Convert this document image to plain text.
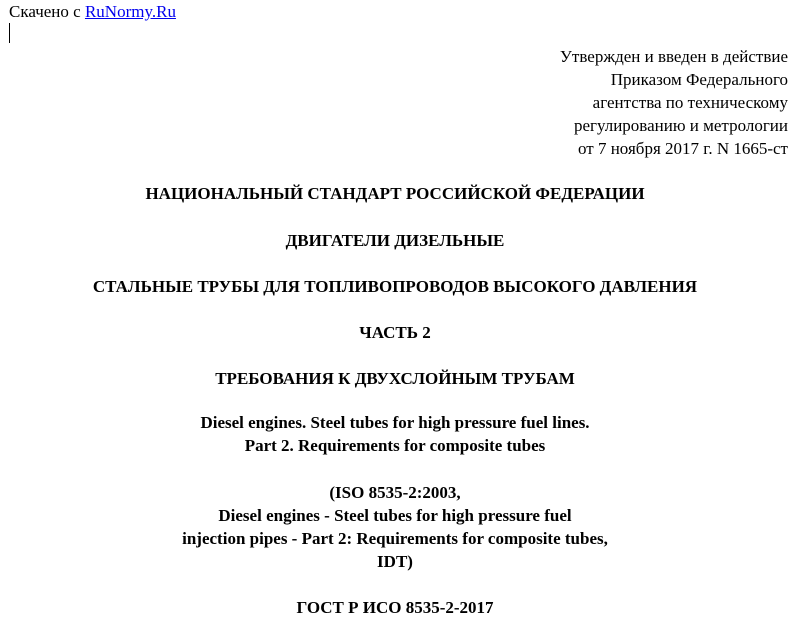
Скачено с RuNormy.Ru
Утвержден и введен в действие
Приказом Федерального
агентства по техническому
регулированию и метрологии
от 7 ноября 2017 г. N 1665-ст
НАЦИОНАЛЬНЫЙ СТАНДАРТ РОССИЙСКОЙ ФЕДЕРАЦИИ
ДВИГАТЕЛИ ДИЗЕЛЬНЫЕ
СТАЛЬНЫЕ ТРУБЫ ДЛЯ ТОПЛИВОПРОВОДОВ ВЫСОКОГО ДАВЛЕНИЯ
ЧАСТЬ 2
ТРЕБОВАНИЯ К ДВУХСЛОЙНЫМ ТРУБАМ
Diesel engines. Steel tubes for high pressure fuel lines.
Part 2. Requirements for composite tubes
(ISO 8535-2:2003,
Diesel engines - Steel tubes for high pressure fuel
injection pipes - Part 2: Requirements for composite tubes,
IDT)
ГОСТ Р ИСО 8535-2-2017
